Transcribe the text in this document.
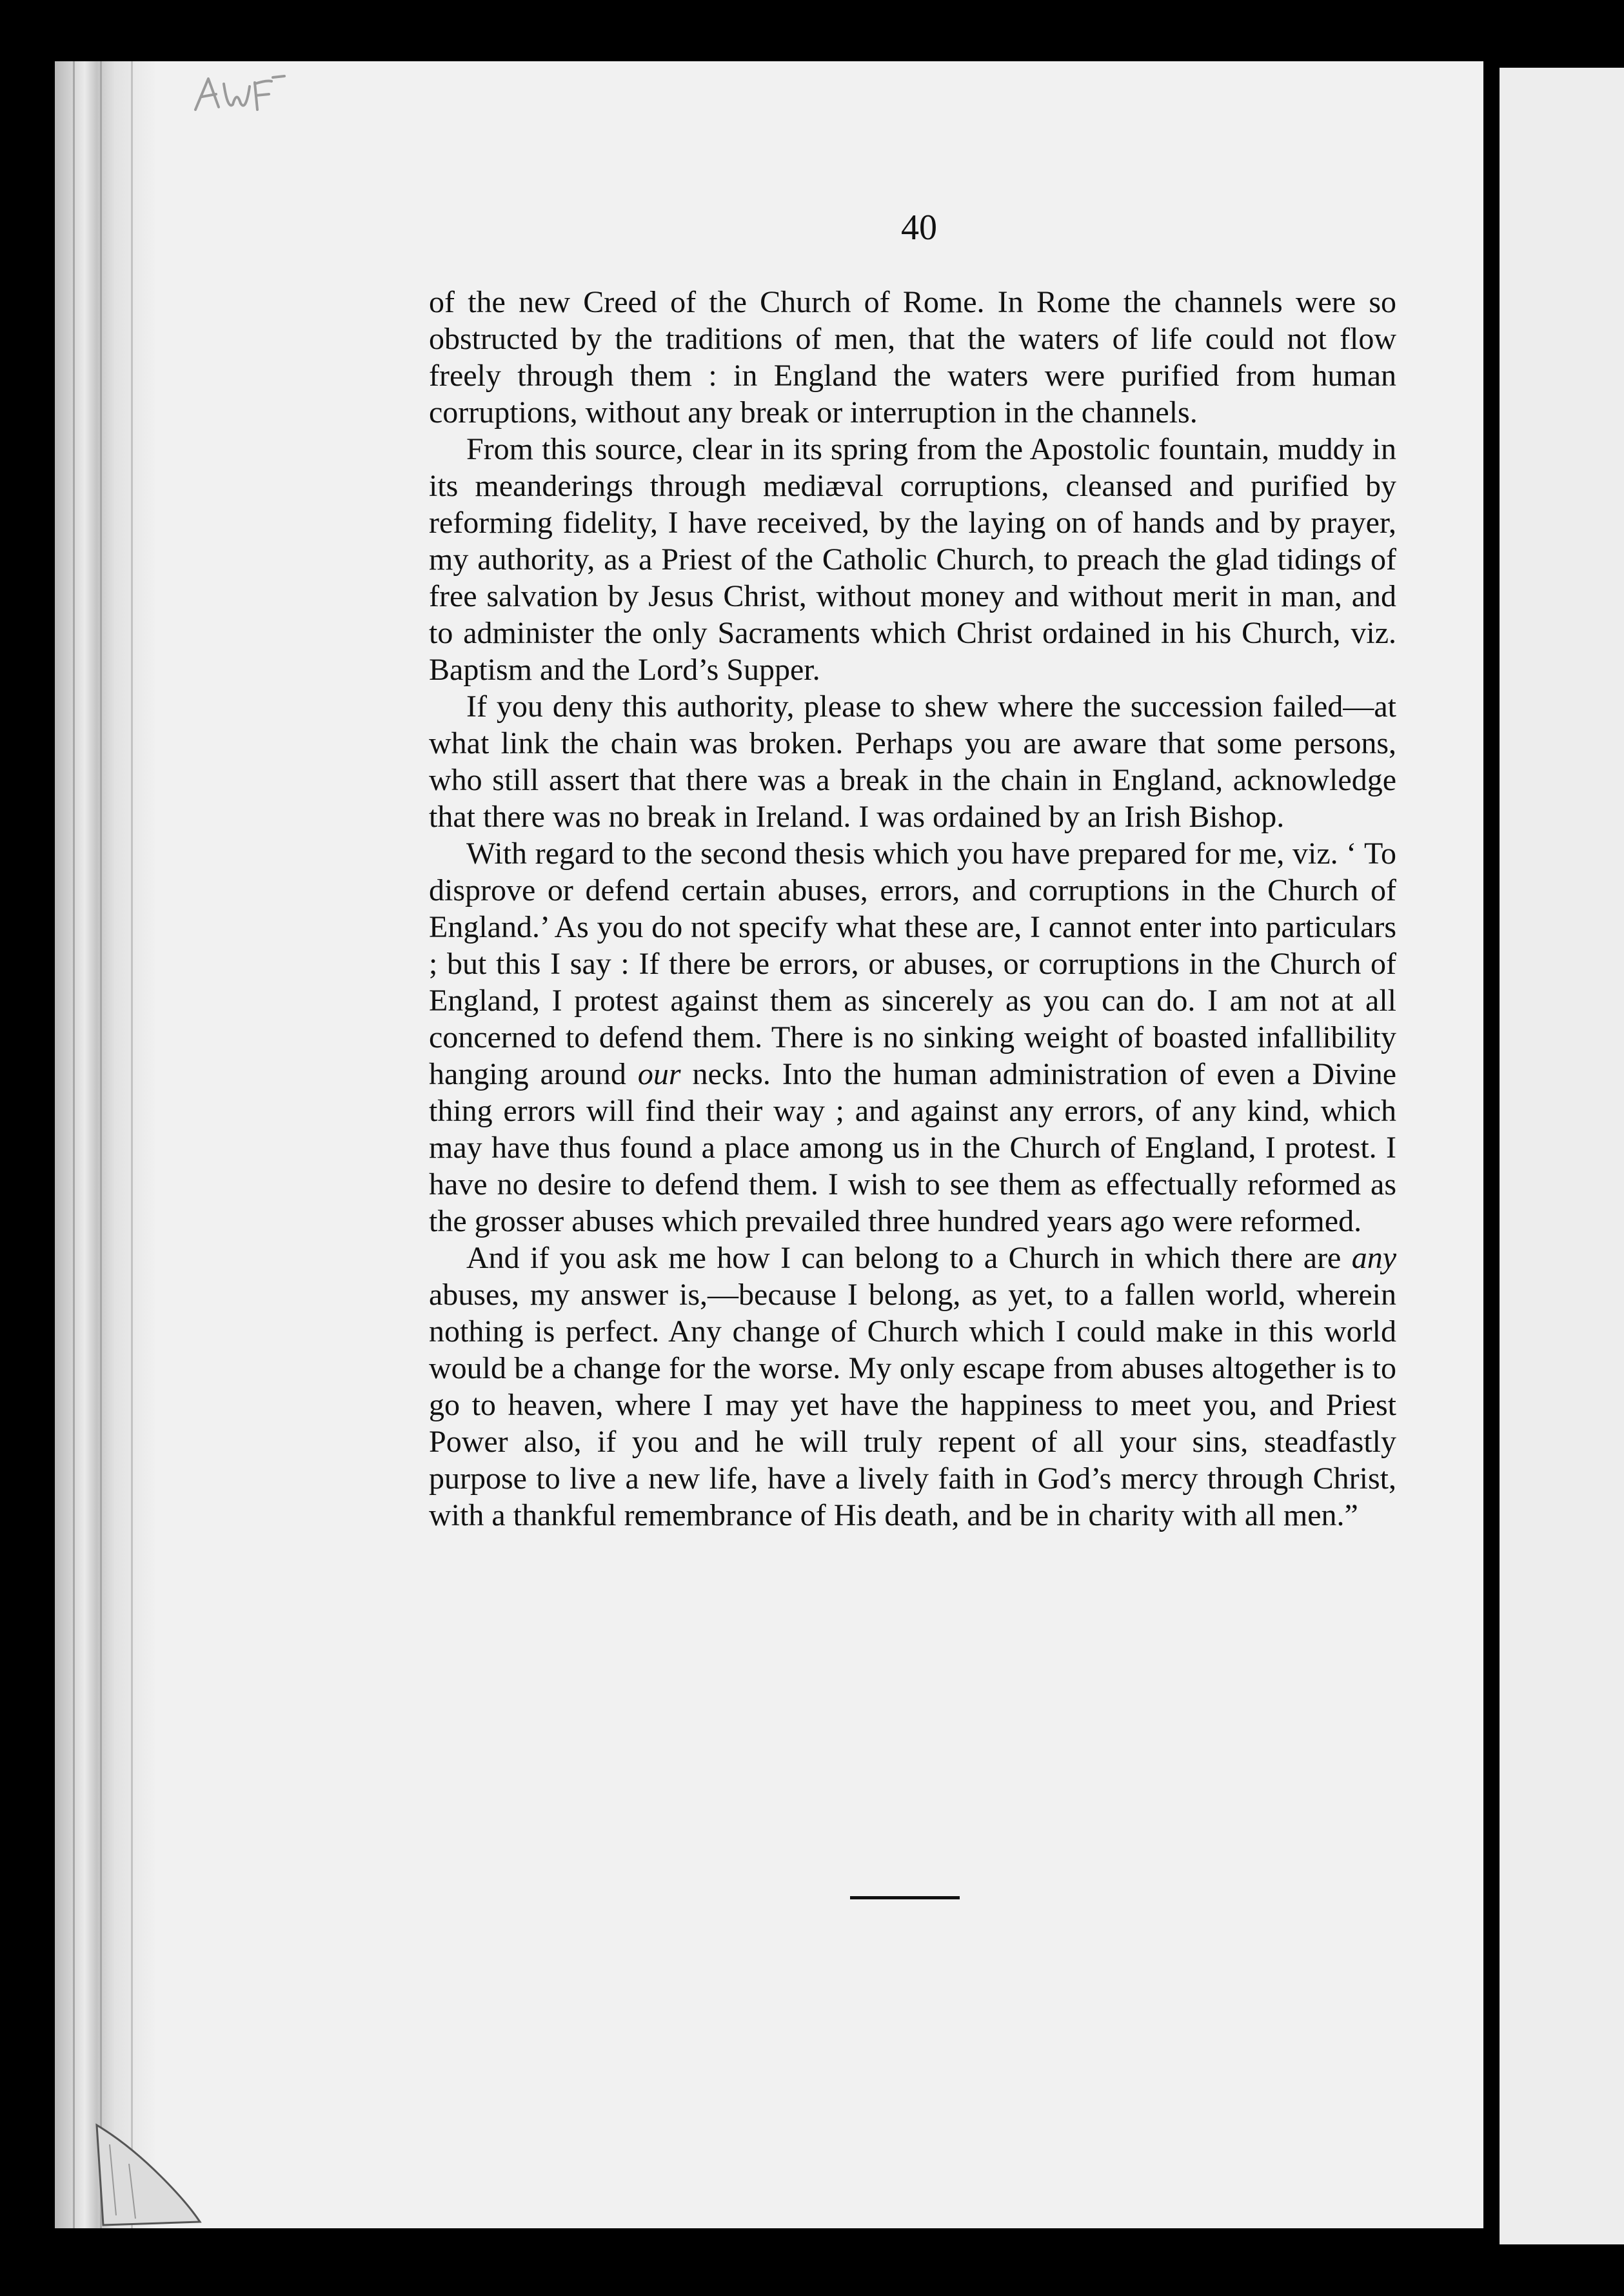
40

of the new Creed of the Church of Rome. In Rome the channels were so obstructed by the traditions of men, that the waters of life could not flow freely through them : in England the waters were purified from human corruptions, without any break or interruption in the channels.

From this source, clear in its spring from the Apostolic fountain, muddy in its meanderings through mediæval corruptions, cleansed and purified by reforming fidelity, I have received, by the laying on of hands and by prayer, my authority, as a Priest of the Catholic Church, to preach the glad tidings of free salvation by Jesus Christ, without money and without merit in man, and to administer the only Sacraments which Christ ordained in his Church, viz. Baptism and the Lord’s Supper.

If you deny this authority, please to shew where the succession failed—at what link the chain was broken. Perhaps you are aware that some persons, who still assert that there was a break in the chain in England, acknowledge that there was no break in Ireland. I was ordained by an Irish Bishop.

With regard to the second thesis which you have prepared for me, viz. ‘ To disprove or defend certain abuses, errors, and corruptions in the Church of England.’ As you do not specify what these are, I cannot enter into particulars ; but this I say : If there be errors, or abuses, or corruptions in the Church of England, I protest against them as sincerely as you can do. I am not at all concerned to defend them. There is no sinking weight of boasted infallibility hanging around our necks. Into the human administration of even a Divine thing errors will find their way ; and against any errors, of any kind, which may have thus found a place among us in the Church of England, I protest. I have no desire to defend them. I wish to see them as effectually reformed as the grosser abuses which prevailed three hundred years ago were reformed.

And if you ask me how I can belong to a Church in which there are any abuses, my answer is,—because I belong, as yet, to a fallen world, wherein nothing is perfect. Any change of Church which I could make in this world would be a change for the worse. My only escape from abuses altogether is to go to heaven, where I may yet have the happiness to meet you, and Priest Power also, if you and he will truly repent of all your sins, steadfastly purpose to live a new life, have a lively faith in God’s mercy through Christ, with a thankful remembrance of His death, and be in charity with all men.”
